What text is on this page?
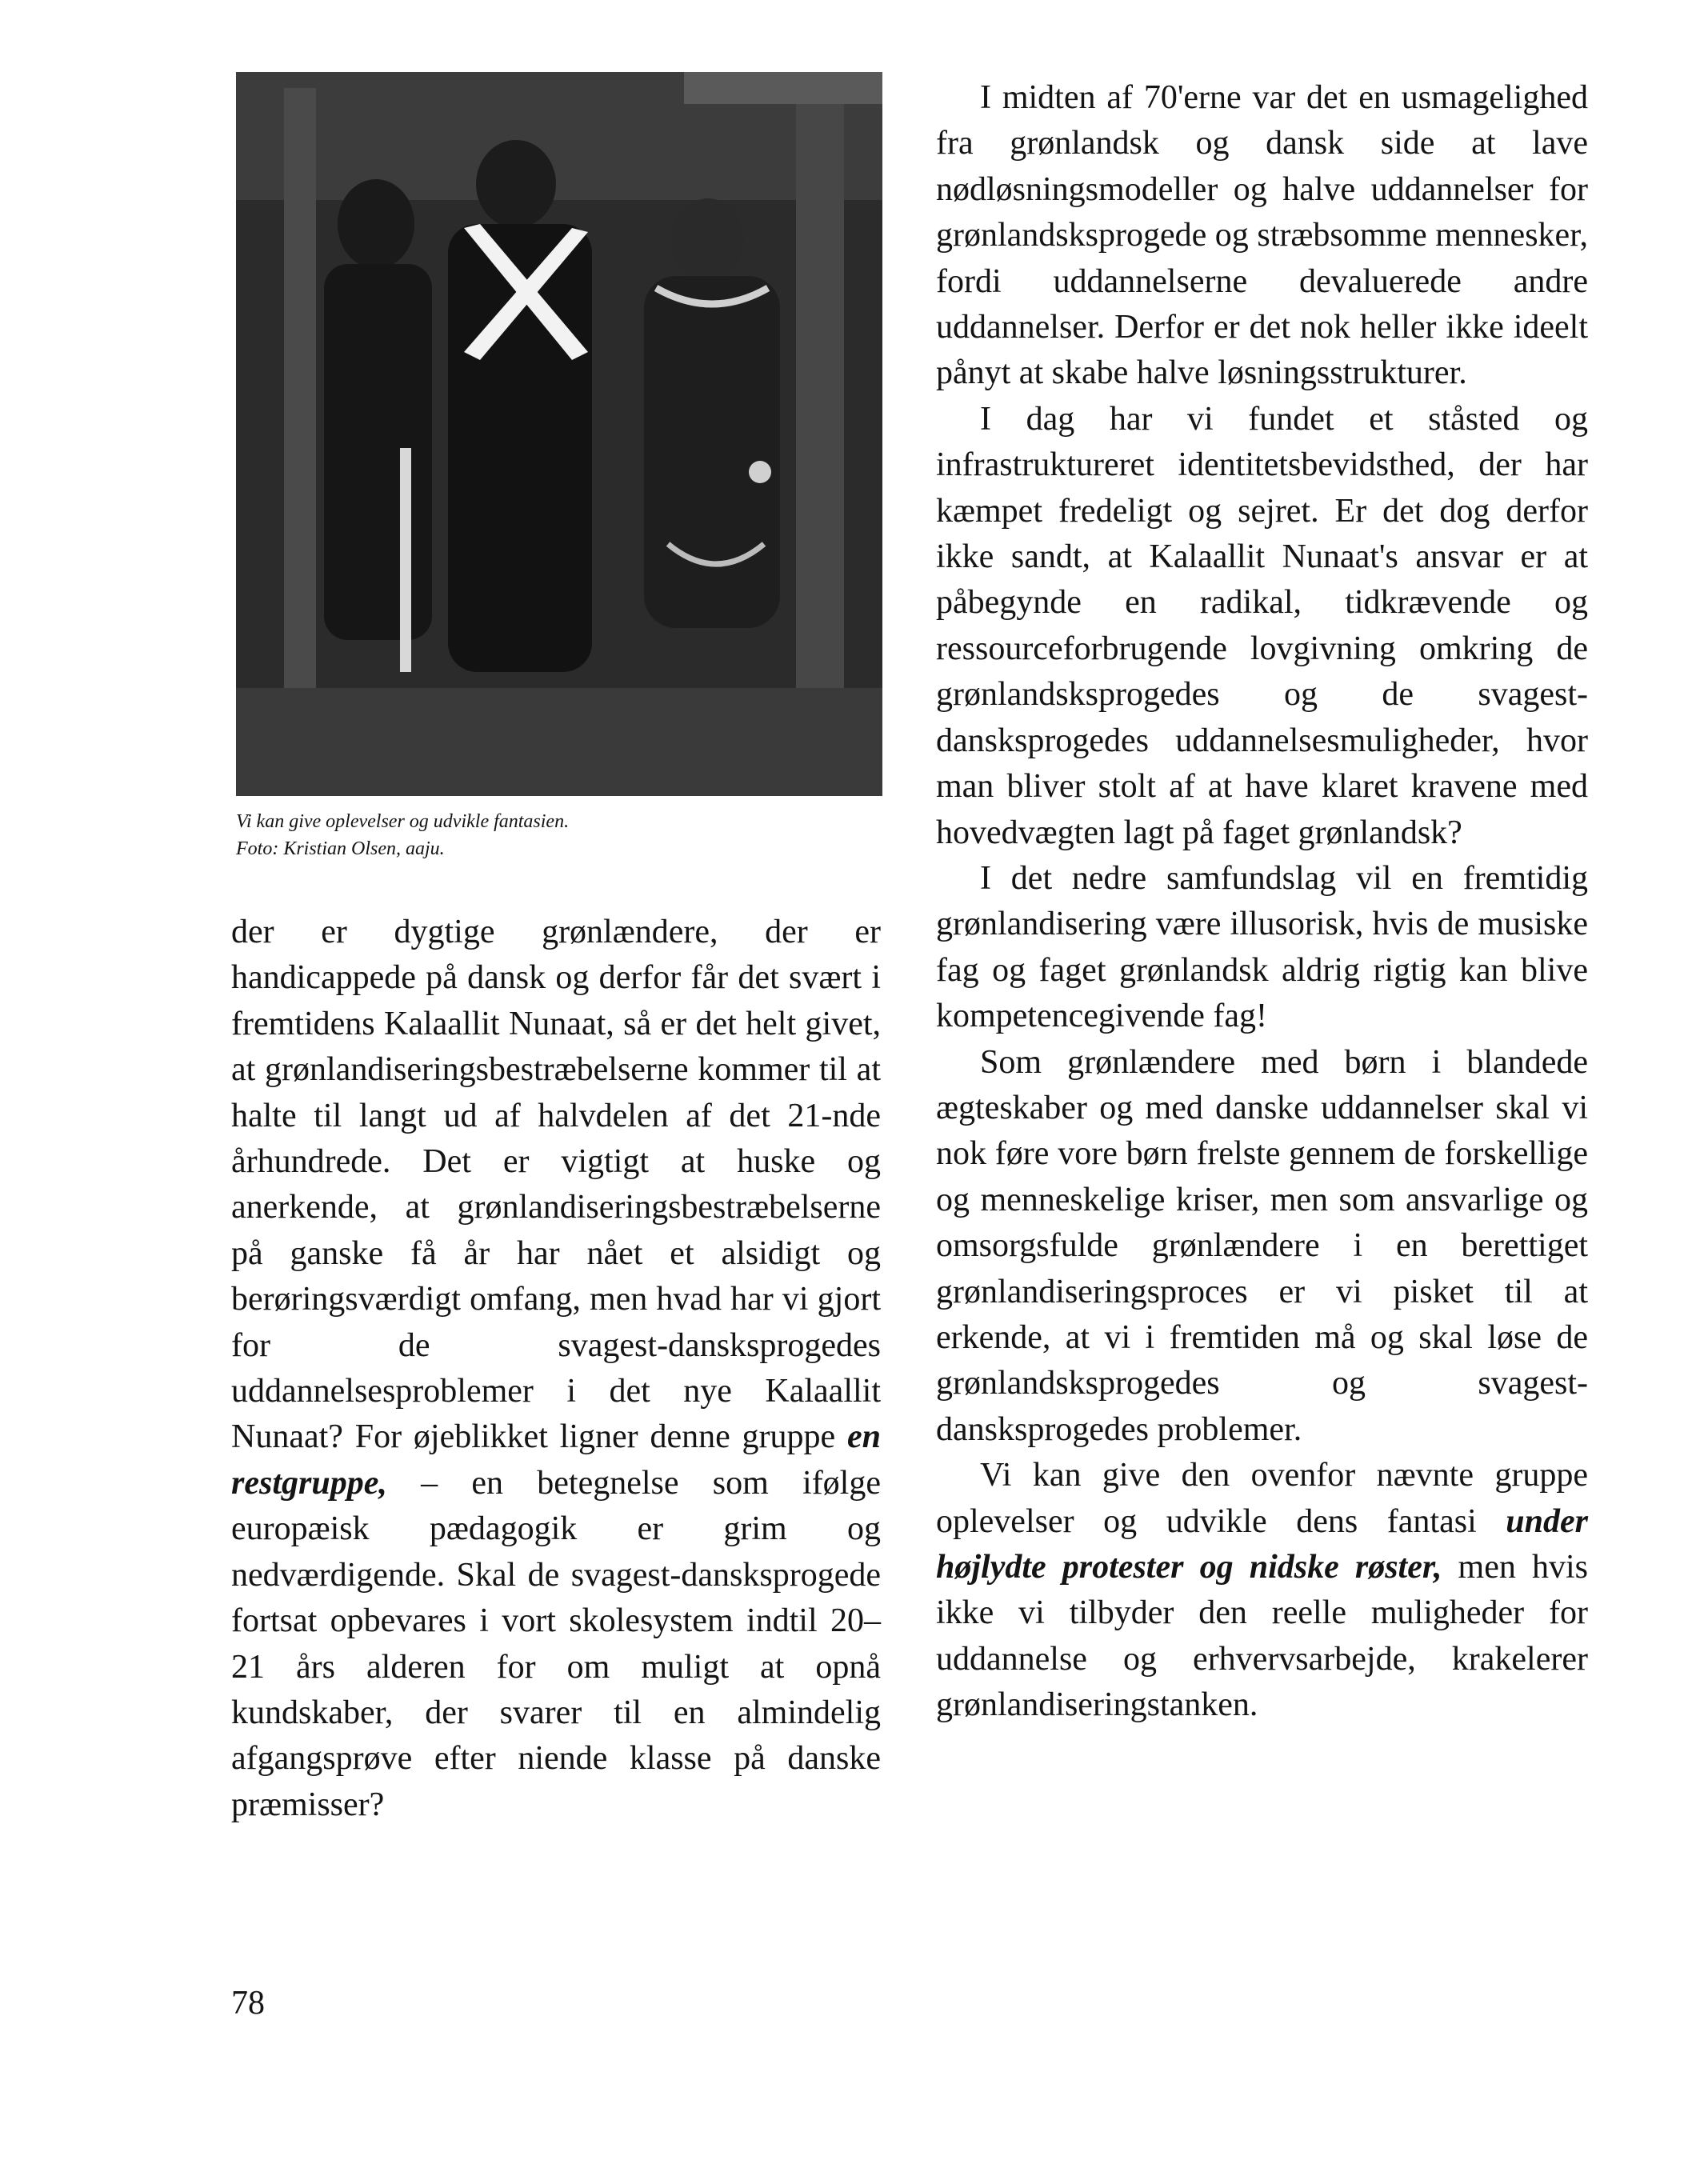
Vi kan give oplevelser og udvikle fantasien.

Foto: Kristian Olsen, aaju.

der er dygtige grønlændere, der er handicappede på dansk og derfor får det svært i fremtidens Kalaallit Nunaat, så er det helt givet, at grønlandiseringsbestræbelserne kommer til at halte til langt ud af halvdelen af det 21-nde århundrede. Det er vigtigt at huske og anerkende, at grønlandiseringsbestræbelserne på ganske få år har nået et alsidigt og berøringsværdigt omfang, men hvad har vi gjort for de svagest-dansksprogedes uddannelsesproblemer i det nye Kalaallit Nunaat? For øjeblikket ligner denne gruppe en restgruppe, – en betegnelse som ifølge europæisk pædagogik er grim og nedværdigende. Skal de svagest-dansksprogede fortsat opbevares i vort skolesystem indtil 20–21 års alderen for om muligt at opnå kundskaber, der svarer til en almindelig afgangsprøve efter niende klasse på danske præmisser?

I midten af 70'erne var det en usmagelighed fra grønlandsk og dansk side at lave nødløsningsmodeller og halve uddannelser for grønlandsksprogede og stræbsomme mennesker, fordi uddannelserne devaluerede andre uddannelser. Derfor er det nok heller ikke ideelt pånyt at skabe halve løsningsstrukturer.

I dag har vi fundet et ståsted og infrastruktureret identitetsbevidsthed, der har kæmpet fredeligt og sejret. Er det dog derfor ikke sandt, at Kalaallit Nunaat's ansvar er at påbegynde en radikal, tidkrævende og ressourceforbrugende lovgivning omkring de grønlandsksprogedes og de svagest-dansksprogedes uddannelsesmuligheder, hvor man bliver stolt af at have klaret kravene med hovedvægten lagt på faget grønlandsk?

I det nedre samfundslag vil en fremtidig grønlandisering være illusorisk, hvis de musiske fag og faget grønlandsk aldrig rigtig kan blive kompetencegivende fag!

Som grønlændere med børn i blandede ægteskaber og med danske uddannelser skal vi nok føre vore børn frelste gennem de forskellige og menneskelige kriser, men som ansvarlige og omsorgsfulde grønlændere i en berettiget grønlandiseringsproces er vi pisket til at erkende, at vi i fremtiden må og skal løse de grønlandsksprogedes og svagest-dansksprogedes problemer.

Vi kan give den ovenfor nævnte gruppe oplevelser og udvikle dens fantasi under højlydte protester og nidske røster, men hvis ikke vi tilbyder den reelle muligheder for uddannelse og erhvervsarbejde, krakelerer grønlandiseringstanken.

78
